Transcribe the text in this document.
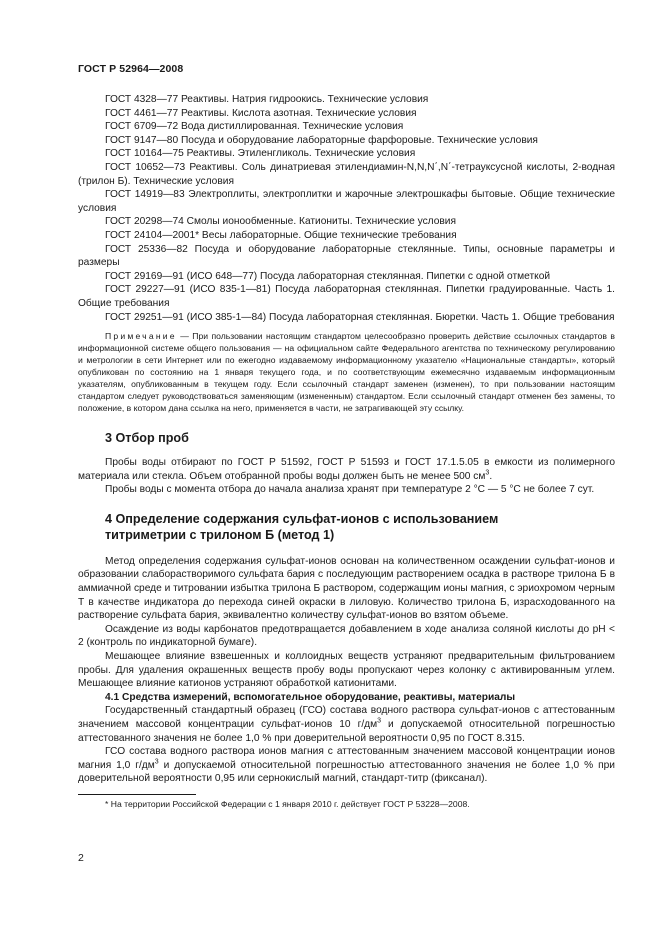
ГОСТ Р 52964—2008

ГОСТ 4328—77 Реактивы. Натрия гидроокись. Технические условия

ГОСТ 4461—77 Реактивы. Кислота азотная. Технические условия

ГОСТ 6709—72 Вода дистиллированная. Технические условия

ГОСТ 9147—80 Посуда и оборудование лабораторные фарфоровые. Технические условия

ГОСТ 10164—75 Реактивы. Этиленгликоль. Технические условия

ГОСТ 10652—73 Реактивы. Соль динатриевая этилендиамин-N,N,N΄,N΄-тетрауксусной кислоты, 2-водная (трилон Б). Технические условия

ГОСТ 14919—83 Электроплиты, электроплитки и жарочные электрошкафы бытовые. Общие технические условия

ГОСТ 20298—74 Смолы ионообменные. Катиониты. Технические условия

ГОСТ 24104—2001* Весы лабораторные. Общие технические требования

ГОСТ 25336—82 Посуда и оборудование лабораторные стеклянные. Типы, основные параметры и размеры

ГОСТ 29169—91 (ИСО 648—77) Посуда лабораторная стеклянная. Пипетки с одной отметкой

ГОСТ 29227—91 (ИСО 835-1—81) Посуда лабораторная стеклянная. Пипетки градуированные. Часть 1. Общие требования

ГОСТ 29251—91 (ИСО 385-1—84) Посуда лабораторная стеклянная. Бюретки. Часть 1. Общие требования

Примечание — При пользовании настоящим стандартом целесообразно проверить действие ссылочных стандартов в информационной системе общего пользования — на официальном сайте Федерального агентства по техническому регулированию и метрологии в сети Интернет или по ежегодно издаваемому информационному указателю «Национальные стандарты», который опубликован по состоянию на 1 января текущего года, и по соответствующим ежемесячно издаваемым информационным указателям, опубликованным в текущем году. Если ссылочный стандарт заменен (изменен), то при пользовании настоящим стандартом следует руководствоваться заменяющим (измененным) стандартом. Если ссылочный стандарт отменен без замены, то положение, в котором дана ссылка на него, применяется в части, не затрагивающей эту ссылку.

3 Отбор проб

Пробы воды отбирают по ГОСТ Р 51592, ГОСТ Р 51593 и ГОСТ 17.1.5.05 в емкости из полимерного материала или стекла. Объем отобранной пробы воды должен быть не менее 500 $см^3$.

Пробы воды с момента отбора до начала анализа хранят при температуре 2 °С — 5 °С не более 7 сут.

4 Определение содержания сульфат-ионов с использованием
титриметрии с трилоном Б (метод 1)

Метод определения содержания сульфат-ионов основан на количественном осаждении сульфат-ионов и образовании слаборастворимого сульфата бария с последующим растворением осадка в растворе трилона Б в аммиачной среде и титровании избытка трилона Б раствором, содержащим ионы магния, с эриохромом черным Т в качестве индикатора до перехода синей окраски в лиловую. Количество трилона Б, израсходованного на растворение сульфата бария, эквивалентно количеству сульфат-ионов во взятом объеме.

Осаждение из воды карбонатов предотвращается добавлением в ходе анализа соляной кислоты до рН < 2 (контроль по индикаторной бумаге).

Мешающее влияние взвешенных и коллоидных веществ устраняют предварительным фильтрованием пробы. Для удаления окрашенных веществ пробу воды пропускают через колонку с активированным углем. Мешающее влияние катионов устраняют обработкой катионитами.

4.1 Средства измерений, вспомогательное оборудование, реактивы, материалы

Государственный стандартный образец (ГСО) состава водного раствора сульфат-ионов с аттестованным значением массовой концентрации сульфат-ионов 10 $г/дм^3$ и допускаемой относительной погрешностью аттестованного значения не более 1,0 % при доверительной вероятности 0,95 по ГОСТ 8.315.

ГСО состава водного раствора ионов магния с аттестованным значением массовой концентрации ионов магния 1,0 $г/дм^3$ и допускаемой относительной погрешностью аттестованного значения не более 1,0 % при доверительной вероятности 0,95 или сернокислый магний, стандарт-титр (фиксанал).

* На территории Российской Федерации с 1 января 2010 г. действует ГОСТ Р 53228—2008.
2
